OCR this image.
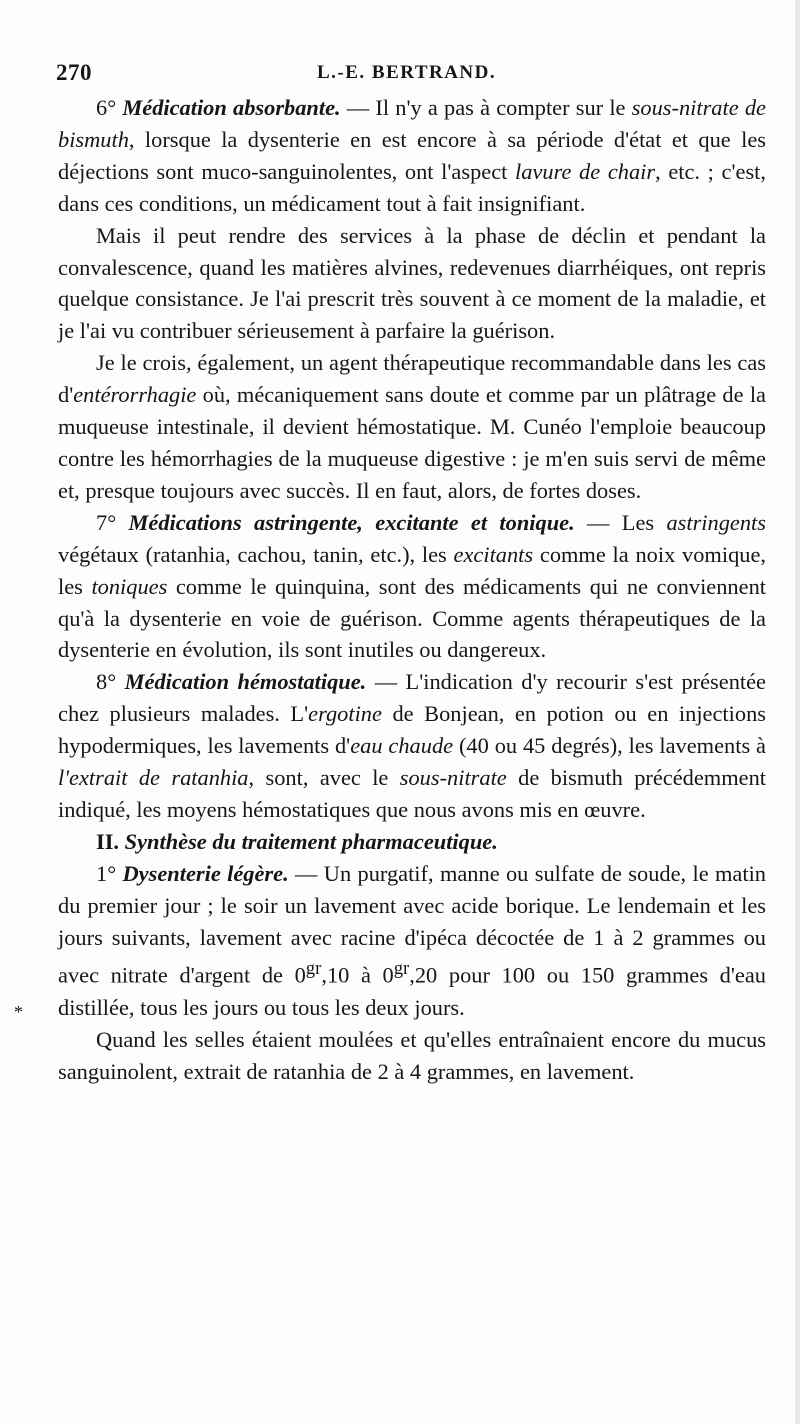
270	L.-E. BERTRAND.

6° Médication absorbante. — Il n'y a pas à compter sur le sous-nitrate de bismuth, lorsque la dysenterie en est encore à sa période d'état et que les déjections sont muco-sanguinolentes, ont l'aspect lavure de chair, etc. ; c'est, dans ces conditions, un médicament tout à fait insignifiant.

Mais il peut rendre des services à la phase de déclin et pendant la convalescence, quand les matières alvines, redevenues diarrhéiques, ont repris quelque consistance. Je l'ai prescrit très souvent à ce moment de la maladie, et je l'ai vu contribuer sérieusement à parfaire la guérison.

Je le crois, également, un agent thérapeutique recommandable dans les cas d'entérorrhagie où, mécaniquement sans doute et comme par un plâtrage de la muqueuse intestinale, il devient hémostatique. M. Cunéo l'emploie beaucoup contre les hémorrhagies de la muqueuse digestive : je m'en suis servi de même et, presque toujours avec succès. Il en faut, alors, de fortes doses.

7° Médications astringente, excitante et tonique. — Les astringents végétaux (ratanhia, cachou, tanin, etc.), les excitants comme la noix vomique, les toniques comme le quinquina, sont des médicaments qui ne conviennent qu'à la dysenterie en voie de guérison. Comme agents thérapeutiques de la dysenterie en évolution, ils sont inutiles ou dangereux.

8° Médication hémostatique. — L'indication d'y recourir s'est présentée chez plusieurs malades. L'ergotine de Bonjean, en potion ou en injections hypodermiques, les lavements d'eau chaude (40 ou 45 degrés), les lavements à l'extrait de ratanhia, sont, avec le sous-nitrate de bismuth précédemment indiqué, les moyens hémostatiques que nous avons mis en œuvre.

II. Synthèse du traitement pharmaceutique.

1° Dysenterie légère. — Un purgatif, manne ou sulfate de soude, le matin du premier jour ; le soir un lavement avec acide borique. Le lendemain et les jours suivants, lavement avec racine d'ipéca décoctée de 1 à 2 grammes ou avec nitrate d'argent de $0^{gr},10$ à $0^{gr},20$ pour 100 ou 150 grammes d'eau distillée, tous les jours ou tous les deux jours.

Quand les selles étaient moulées et qu'elles entraînaient encore du mucus sanguinolent, extrait de ratanhia de 2 à 4 grammes, en lavement.

*
